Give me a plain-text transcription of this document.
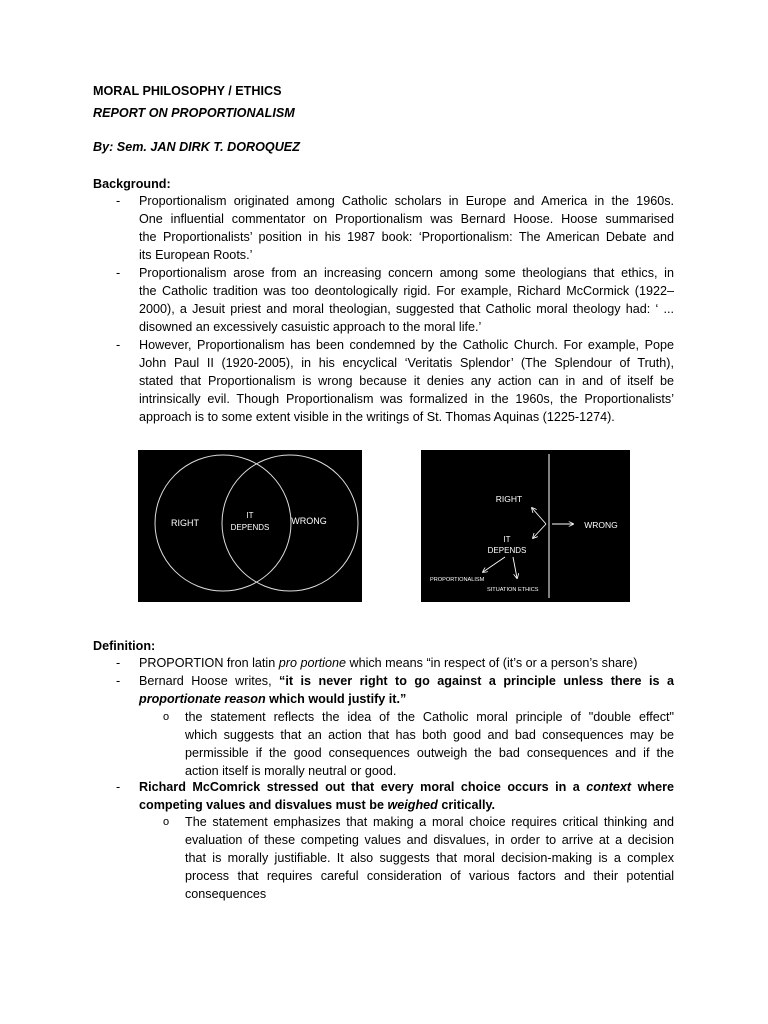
MORAL PHILOSOPHY / ETHICS
REPORT ON PROPORTIONALISM
By: Sem. JAN DIRK T. DOROQUEZ
Background:
- Proportionalism originated among Catholic scholars in Europe and America in the 1960s.
One influential commentator on Proportionalism was Bernard Hoose. Hoose summarised
the Proportionalists’ position in his 1987 book: ‘Proportionalism: The American Debate and
its European Roots.’
- Proportionalism arose from an increasing concern among some theologians that ethics, in
the Catholic tradition was too deontologically rigid. For example, Richard McCormick (1922–
2000), a Jesuit priest and moral theologian, suggested that Catholic moral theology had: ‘ ...
disowned an excessively casuistic approach to the moral life.’
- However, Proportionalism has been condemned by the Catholic Church. For example, Pope
John Paul II (1920-2005), in his encyclical ‘Veritatis Splendor’ (The Splendour of Truth),
stated that Proportionalism is wrong because it denies any action can in and of itself be
intrinsically evil. Though Proportionalism was formalized in the 1960s, the Proportionalists’
approach is to some extent visible in the writings of St. Thomas Aquinas (1225-1274).
RIGHT
IT
DEPENDS
WRONG
RIGHT
WRONG
IT
DEPENDS
PROPORTIONALISM
SITUATION ETHICS
Definition:
- PROPORTION fron latin pro portione which means “in respect of (it’s or a person’s share)
- Bernard Hoose writes, “it is never right to go against a principle unless there is a
proportionate reason which would justify it.”
o the statement reflects the idea of the Catholic moral principle of "double effect"
which suggests that an action that has both good and bad consequences may be
permissible if the good consequences outweigh the bad consequences and if the
action itself is morally neutral or good.
- Richard McComrick stressed out that every moral choice occurs in a context where
competing values and disvalues must be weighed critically.
o The statement emphasizes that making a moral choice requires critical thinking and
evaluation of these competing values and disvalues, in order to arrive at a decision
that is morally justifiable. It also suggests that moral decision-making is a complex
process that requires careful consideration of various factors and their potential
consequences
